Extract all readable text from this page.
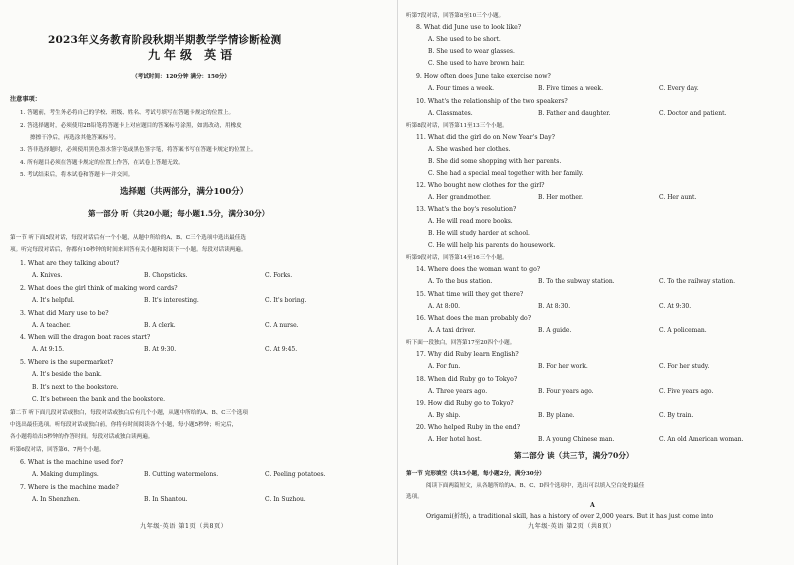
2023年义务教育阶段秋期半期教学学情诊断检测
九年级 英语
（考试时间：120分钟 满分：150分）
注意事项：
1. 答题前，考生务必将自己的学校、班级、姓名、考试号填写在答题卡规定的位置上。
2. 答选择题时，必须使用2B铅笔将答题卡上对应题目的答案标号涂黑，如需改动，用橡皮
擦擦干净后，再选涂其他答案标号。
3. 答非选择题时，必须使用黑色墨水签字笔或黑色签字笔，将答案书写在答题卡规定的位置上。
4. 所有题目必须在答题卡规定的位置上作答，在试卷上答题无效。
5. 考试结束后，将本试卷和答题卡一并交回。
选择题（共两部分，满分100分）
第一部分 听（共20小题；每小题1.5分，满分30分）
第一节 听下面5段对话，每段对话后有一个小题，从题中所给的A、B、C三个选项中选出最佳选
项。听完每段对话后，你都有10秒钟的时间来回答有关小题和阅读下一小题。每段对话读两遍。
1. What are they talking about?
A. Knives.	B. Chopsticks.	C. Forks.
2. What does the girl think of making word cards?
A. It's helpful.	B. It's interesting.	C. It's boring.
3. What did Mary use to be?
A. A teacher.	B. A clerk.	C. A nurse.
4. When will the dragon boat races start?
A. At 9:15.	B. At 9:30.	C. At 9:45.
5. Where is the supermarket?
A. It's beside the bank.
B. It's next to the bookstore.
C. It's between the bank and the bookstore.
第二节 听下面几段对话或独白，每段对话或独白后有几个小题，从题中所给的A、B、C三个选项
中选出最佳选项。听每段对话或独白前，你将有时间阅读各个小题，每小题5秒钟；听完后，
各小题将给出5秒钟的作答时间。每段对话或独白读两遍。
听第6段对话，回答第6、7两个小题。
6. What is the machine used for?
A. Making dumplings.	B. Cutting watermelons.	C. Peeling potatoes.
7. Where is the machine made?
A. In Shenzhen.	B. In Shantou.	C. In Suzhou.
九年级·英语 第1页（共8页）
听第7段对话，回答第8至10三个小题。
8. What did June use to look like?
A. She used to be short.
B. She used to wear glasses.
C. She used to have brown hair.
9. How often does June take exercise now?
A. Four times a week.	B. Five times a week.	C. Every day.
10. What's the relationship of the two speakers?
A. Classmates.	B. Father and daughter.	C. Doctor and patient.
听第8段对话，回答第11至13三个小题。
11. What did the girl do on New Year's Day?
A. She washed her clothes.
B. She did some shopping with her parents.
C. She had a special meal together with her family.
12. Who bought new clothes for the girl?
A. Her grandmother.	B. Her mother.	C. Her aunt.
13. What's the boy's resolution?
A. He will read more books.
B. He will study harder at school.
C. He will help his parents do housework.
听第9段对话，回答第14至16三个小题。
14. Where does the woman want to go?
A. To the bus station.	B. To the subway station.	C. To the railway station.
15. What time will they get there?
A. At 8:00.	B. At 8:30.	C. At 9:30.
16. What does the man probably do?
A. A taxi driver.	B. A guide.	C. A policeman.
听下面一段独白，回答第17至20四个小题。
17. Why did Ruby learn English?
A. For fun.	B. For her work.	C. For her study.
18. When did Ruby go to Tokyo?
A. Three years ago.	B. Four years ago.	C. Five years ago.
19. How did Ruby go to Tokyo?
A. By ship.	B. By plane.	C. By train.
20. Who helped Ruby in the end?
A. Her hotel host.	B. A young Chinese man.	C. An old American woman.
第二部分 读（共三节，满分70分）
第一节 完形填空（共15小题，每小题2分，满分30分）
阅读下面两篇短文，从各题所给的A、B、C、D四个选项中，选出可以填入空白处的最佳
选项。
A
Origami(折纸), a traditional skill, has a history of over 2,000 years. But it has just come into
九年级·英语 第2页（共8页）
